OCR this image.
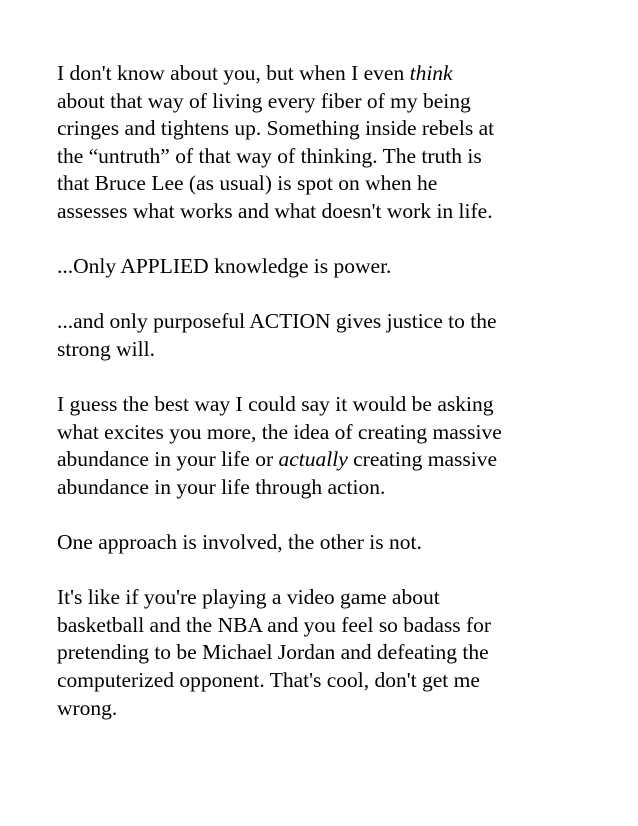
I don't know about you, but when I even think
about that way of living every fiber of my being
cringes and tightens up. Something inside rebels at
the “untruth” of that way of thinking. The truth is
that Bruce Lee (as usual) is spot on when he
assesses what works and what doesn't work in life.

...Only APPLIED knowledge is power.

...and only purposeful ACTION gives justice to the
strong will.

I guess the best way I could say it would be asking
what excites you more, the idea of creating massive
abundance in your life or actually creating massive
abundance in your life through action.

One approach is involved, the other is not.

It's like if you're playing a video game about
basketball and the NBA and you feel so badass for
pretending to be Michael Jordan and defeating the
computerized opponent. That's cool, don't get me
wrong.
